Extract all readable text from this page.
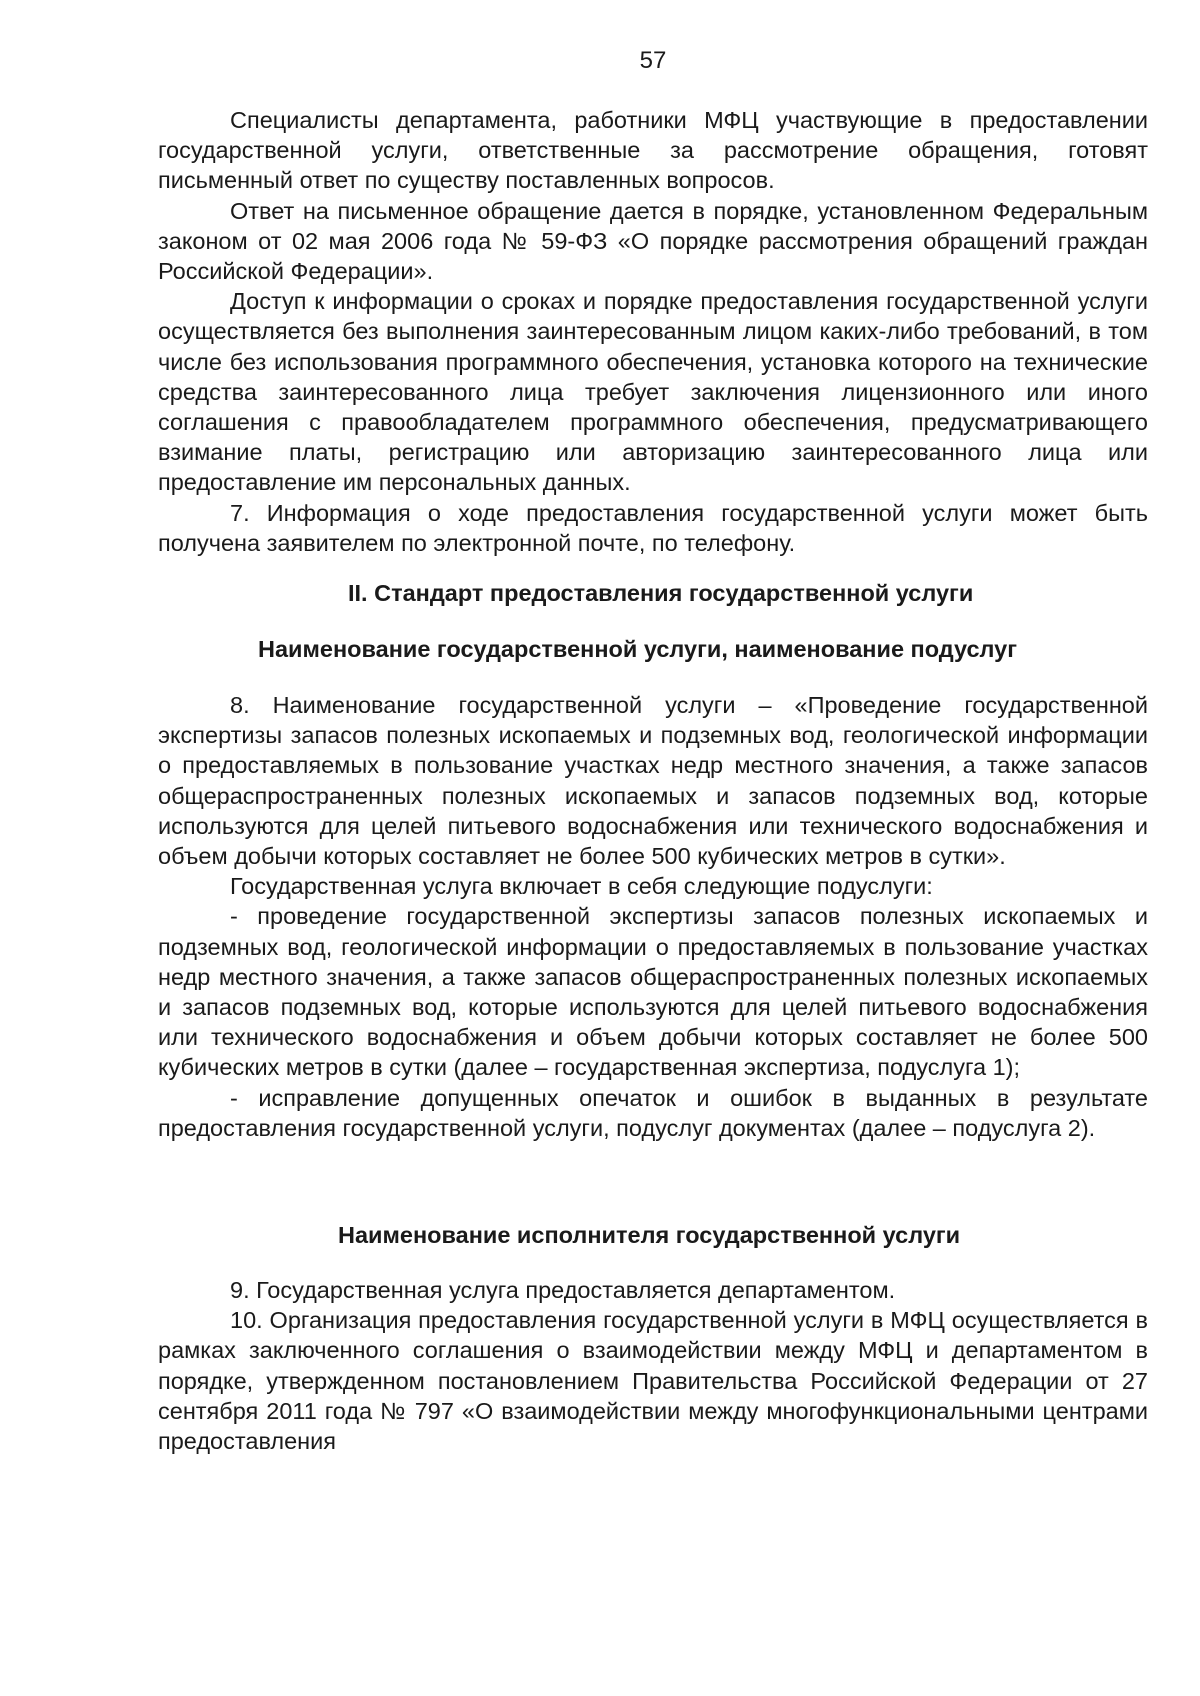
57

Специалисты департамента, работники МФЦ участвующие в предоставлении государственной услуги, ответственные за рассмотрение обращения, готовят письменный ответ по существу поставленных вопросов.

Ответ на письменное обращение дается в порядке, установленном Федеральным законом от 02 мая 2006 года № 59-ФЗ «О порядке рассмотрения обращений граждан Российской Федерации».

Доступ к информации о сроках и порядке предоставления государственной услуги осуществляется без выполнения заинтересованным лицом каких-либо требований, в том числе без использования программного обеспечения, установка которого на технические средства заинтересованного лица требует заключения лицензионного или иного соглашения с правообладателем программного обеспечения, предусматривающего взимание платы, регистрацию или авторизацию заинтересованного лица или предоставление им персональных данных.

7. Информация о ходе предоставления государственной услуги может быть получена заявителем по электронной почте, по телефону.

II. Стандарт предоставления государственной услуги
Наименование государственной услуги, наименование подуслуг

8. Наименование государственной услуги – «Проведение государственной экспертизы запасов полезных ископаемых и подземных вод, геологической информации о предоставляемых в пользование участках недр местного значения, а также запасов общераспространенных полезных ископаемых и запасов подземных вод, которые используются для целей питьевого водоснабжения или технического водоснабжения и объем добычи которых составляет не более 500 кубических метров в сутки».

Государственная услуга включает в себя следующие подуслуги:

- проведение государственной экспертизы запасов полезных ископаемых и подземных вод, геологической информации о предоставляемых в пользование участках недр местного значения, а также запасов общераспространенных полезных ископаемых и запасов подземных вод, которые используются для целей питьевого водоснабжения или технического водоснабжения и объем добычи которых составляет не более 500 кубических метров в сутки (далее – государственная экспертиза, подуслуга 1);

- исправление допущенных опечаток и ошибок в выданных в результате предоставления государственной услуги, подуслуг документах (далее – подуслуга 2).

Наименование исполнителя государственной услуги

9. Государственная услуга предоставляется департаментом.

10. Организация предоставления государственной услуги в МФЦ осуществляется в рамках заключенного соглашения о взаимодействии между МФЦ и департаментом в порядке, утвержденном постановлением Правительства Российской Федерации от 27 сентября 2011 года № 797 «О взаимодействии между многофункциональными центрами предоставления
